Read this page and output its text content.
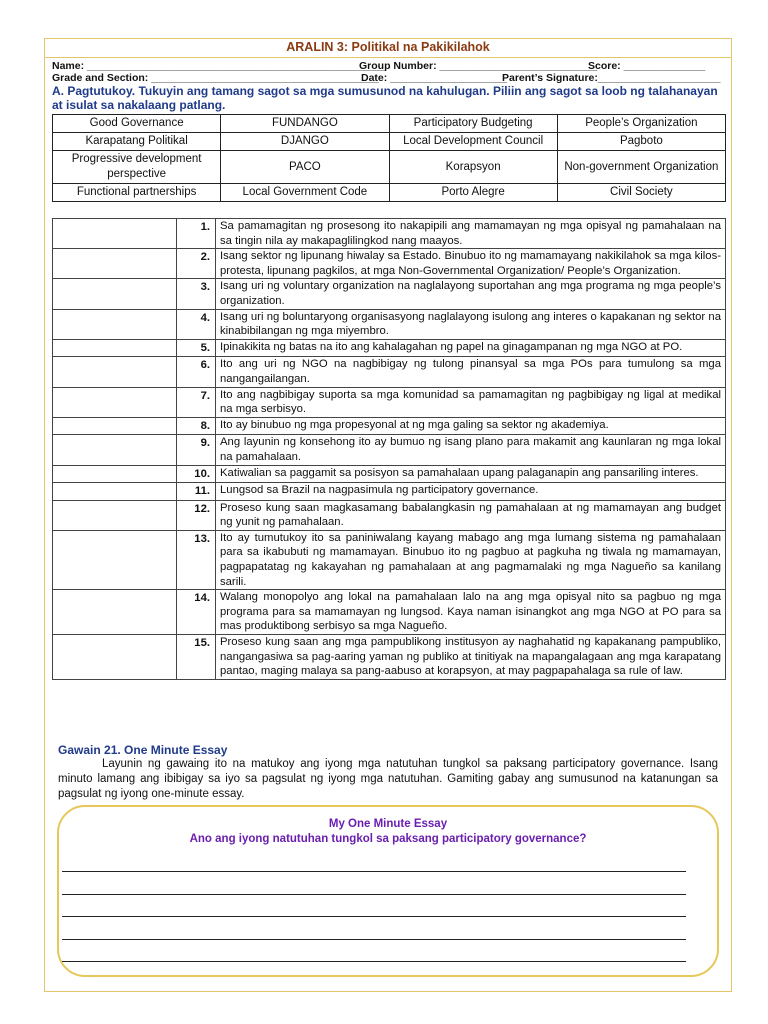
ARALIN 3: Politikal na Pakikilahok
Name: ___________________________________________________
Group Number: ___________________________
Score: ______________
Grade and Section: _______________________________________
Date: ____________________
Parent’s Signature:_____________________
A. Pagtutukoy. Tukuyin ang tamang sagot sa mga sumusunod na kahulugan. Piliin ang sagot sa loob ng talahanayan at isulat sa nakalaang patlang.
Good Governance	FUNDANGO	Participatory Budgeting	People’s Organization
Karapatang Politikal	DJANGO	Local Development Council	Pagboto
Progressive development perspective	PACO	Korapsyon	Non-government Organization
Functional partnerships	Local Government Code	Porto Alegre	Civil Society
	1.	Sa pamamagitan ng prosesong ito nakapipili ang mamamayan ng mga opisyal ng pamahalaan na sa tingin nila ay makapaglilingkod nang maayos.
	2.	Isang sektor ng lipunang hiwalay sa Estado. Binubuo ito ng mamamayang nakikilahok sa mga kilos-protesta, lipunang pagkilos, at mga Non-Governmental Organization/ People’s Organization.
	3.	Isang uri ng voluntary organization na naglalayong suportahan ang mga programa ng mga people’s organization.
	4.	Isang uri ng boluntaryong organisasyong naglalayong isulong ang interes o kapakanan ng sektor na kinabibilangan ng mga miyembro.
	5.	Ipinakikita ng batas na ito ang kahalagahan ng papel na ginagampanan ng mga NGO at PO.
	6.	Ito ang uri ng NGO na nagbibigay ng tulong pinansyal sa mga POs para tumulong sa mga nangangailangan.
	7.	Ito ang nagbibigay suporta sa mga komunidad sa pamamagitan ng pagbibigay ng ligal at medikal na mga serbisyo.
	8.	Ito ay binubuo ng mga propesyonal at ng mga galing sa sektor ng akademiya.
	9.	Ang layunin ng konsehong ito ay bumuo ng isang plano para makamit ang kaunlaran ng mga lokal na pamahalaan.
	10.	Katiwalian sa paggamit sa posisyon sa pamahalaan upang palaganapin ang pansariling interes.
	11.	Lungsod sa Brazil na nagpasimula ng participatory governance.
	12.	Proseso kung saan magkasamang babalangkasin ng pamahalaan at ng mamamayan ang budget ng yunit ng pamahalaan.
	13.	Ito ay tumutukoy ito sa paniniwalang kayang mabago ang mga lumang sistema ng pamahalaan para sa ikabubuti ng mamamayan. Binubuo ito ng pagbuo at pagkuha ng tiwala ng mamamayan, pagpapatatag ng kakayahan ng pamahalaan at ang pagmamalaki ng mga Nagueño sa kanilang sarili.
	14.	Walang monopolyo ang lokal na pamahalaan lalo na ang mga opisyal nito sa pagbuo ng mga programa para sa mamamayan ng lungsod. Kaya naman isinangkot ang mga NGO at PO para sa mas produktibong serbisyo sa mga Nagueño.
	15.	Proseso kung saan ang mga pampublikong institusyon ay naghahatid ng kapakanang pampubliko, nangangasiwa sa pag-aaring yaman ng publiko at tinitiyak na mapangalagaan ang mga karapatang pantao, maging malaya sa pang-aabuso at korapsyon, at may pagpapahalaga sa rule of law.
Gawain 21. One Minute Essay
Layunin ng gawaing ito na matukoy ang iyong mga natutuhan tungkol sa paksang participatory governance. Isang minuto lamang ang ibibigay sa iyo sa pagsulat ng iyong mga natutuhan. Gamiting gabay ang sumusunod na katanungan sa pagsulat ng iyong one-minute essay.
My One Minute Essay
Ano ang iyong natutuhan tungkol sa paksang participatory governance?
